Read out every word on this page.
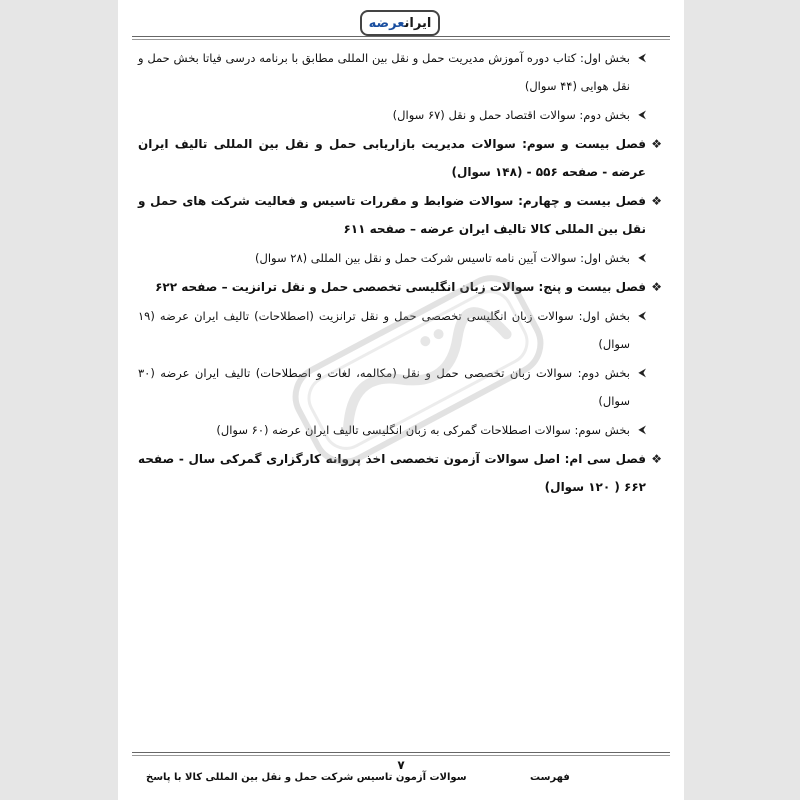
ایرانعرضه
⮜
بخش اول: کتاب دوره آموزش مدیریت حمل و نقل بین المللی مطابق با برنامه درسی فیاتا بخش حمل و نقل هوایی (۴۴ سوال)
⮜
بخش دوم: سوالات اقتصاد حمل و نقل (۶۷ سوال)
❖
فصل بیست و سوم: سوالات مدیریت بازاریابی حمل و نقل بین المللی تالیف ایران عرضه - صفحه ۵۵۶ - (۱۴۸ سوال)
❖
فصل بیست و چهارم: سوالات ضوابط و مقررات تاسیس و فعالیت شرکت های حمل و نقل بین المللی کالا تالیف ایران عرضه – صفحه ۶۱۱
⮜
بخش اول: سوالات آیین نامه تاسیس شرکت حمل و نقل بین المللی (۲۸ سوال)
❖
فصل بیست و پنج: سوالات زبان انگلیسی تخصصی حمل و نقل ترانزیت – صفحه ۶۲۲
⮜
بخش اول: سوالات زبان انگلیسی تخصصی حمل و نقل ترانزیت (اصطلاحات) تالیف ایران عرضه (۱۹ سوال)
⮜
بخش دوم: سوالات زبان تخصصی حمل و نقل (مکالمه، لغات و اصطلاحات) تالیف ایران عرضه (۳۰ سوال)
⮜
بخش سوم: سوالات اصطلاحات گمرکی به زبان انگلیسی تالیف ایران عرضه (۶۰ سوال)
❖
فصل سی ام: اصل سوالات آزمون تخصصی اخذ پروانه کارگزاری گمرکی سال - صفحه ۶۶۲ ( ۱۲۰ سوال)
۷
سوالات آزمون تاسیس شرکت حمل و نقل بین المللی کالا با پاسخ	فهرست
